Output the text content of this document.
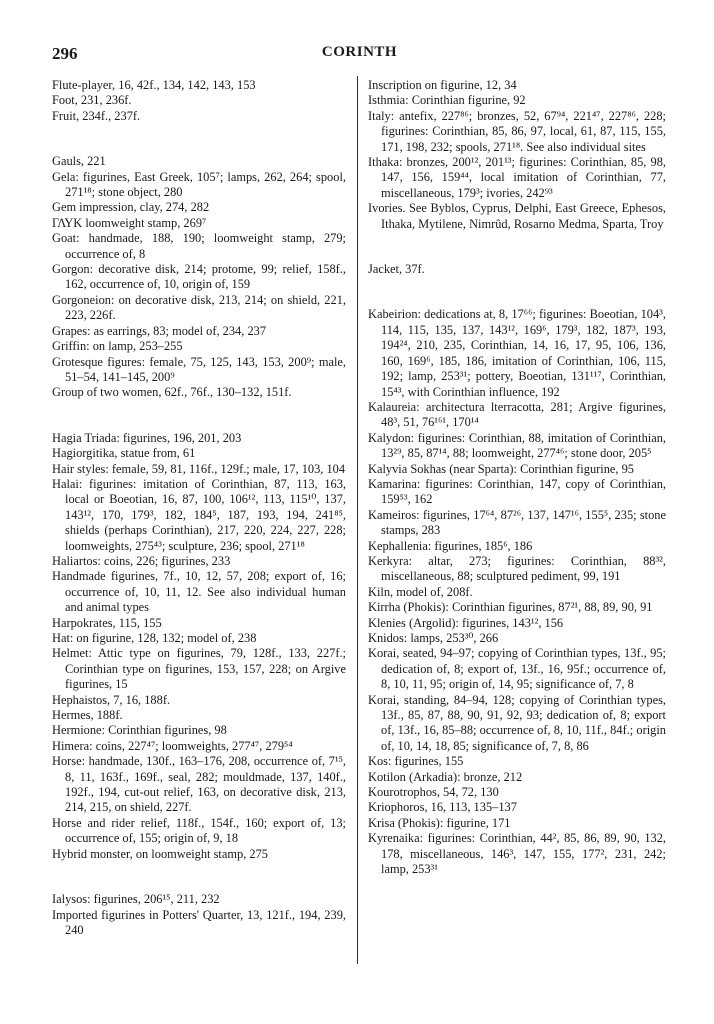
296	CORINTH

Flute-player, 16, 42f., 134, 142, 143, 153

Foot, 231, 236f.

Fruit, 234f., 237f.

Gauls, 221

Gela: figurines, East Greek, 105⁷; lamps, 262, 264; spool, 271¹⁸; stone object, 280

Gem impression, clay, 274, 282

ΓΛΥΚ loomweight stamp, 269⁷

Goat: handmade, 188, 190; loomweight stamp, 279; occurrence of, 8

Gorgon: decorative disk, 214; protome, 99; relief, 158f., 162, occurrence of, 10, origin of, 159

Gorgoneion: on decorative disk, 213, 214; on shield, 221, 223, 226f.

Grapes: as earrings, 83; model of, 234, 237

Griffin: on lamp, 253–255

Grotesque figures: female, 75, 125, 143, 153, 200⁹; male, 51–54, 141–145, 200⁹

Group of two women, 62f., 76f., 130–132, 151f.

Hagia Triada: figurines, 196, 201, 203

Hagiorgitika, statue from, 61

Hair styles: female, 59, 81, 116f., 129f.; male, 17, 103, 104

Halai: figurines: imitation of Corinthian, 87, 113, 163, local or Boeotian, 16, 87, 100, 106¹², 113, 115¹⁰, 137, 143¹², 170, 179³, 182, 184⁵, 187, 193, 194, 241⁸⁵, shields (perhaps Corinthian), 217, 220, 224, 227, 228; loomweights, 275⁴³; sculpture, 236; spool, 271¹⁸

Haliartos: coins, 226; figurines, 233

Handmade figurines, 7f., 10, 12, 57, 208; export of, 16; occurrence of, 10, 11, 12. See also individual human and animal types

Harpokrates, 115, 155

Hat: on figurine, 128, 132; model of, 238

Helmet: Attic type on figurines, 79, 128f., 133, 227f.; Corinthian type on figurines, 153, 157, 228; on Argive figurines, 15

Hephaistos, 7, 16, 188f.

Hermes, 188f.

Hermione: Corinthian figurines, 98

Himera: coins, 227⁴⁷; loomweights, 277⁴⁷, 279⁵⁴

Horse: handmade, 130f., 163–176, 208, occurrence of, 7¹⁵, 8, 11, 163f., 169f., seal, 282; mouldmade, 137, 140f., 192f., 194, cut-out relief, 163, on decorative disk, 213, 214, 215, on shield, 227f.

Horse and rider relief, 118f., 154f., 160; export of, 13; occurrence of, 155; origin of, 9, 18

Hybrid monster, on loomweight stamp, 275

Ialysos: figurines, 206¹⁵, 211, 232

Imported figurines in Potters' Quarter, 13, 121f., 194, 239, 240

Inscription on figurine, 12, 34

Isthmia: Corinthian figurine, 92

Italy: antefix, 227⁸⁶; bronzes, 52, 67⁹⁴, 221⁴⁷, 227⁸⁶, 228; figurines: Corinthian, 85, 86, 97, local, 61, 87, 115, 155, 171, 198, 232; spools, 271¹⁸. See also individual sites

Ithaka: bronzes, 200¹², 201¹³; figurines: Corinthian, 85, 98, 147, 156, 159⁴⁴, local imitation of Corinthian, 77, miscellaneous, 179³; ivories, 242⁹³

Ivories. See Byblos, Cyprus, Delphi, East Greece, Ephesos, Ithaka, Mytilene, Nimrûd, Rosarno Medma, Sparta, Troy

Jacket, 37f.

Kabeirion: dedications at, 8, 17⁶⁶; figurines: Boeotian, 104³, 114, 115, 135, 137, 143¹², 169⁶, 179³, 182, 187³, 193, 194²⁴, 210, 235, Corinthian, 14, 16, 17, 95, 106, 136, 160, 169⁶, 185, 186, imitation of Corinthian, 106, 115, 192; lamp, 253³¹; pottery, Boeotian, 131¹¹⁷, Corinthian, 15⁴³, with Corinthian influence, 192

Kalaureia: architectura lterracotta, 281; Argive figurines, 48³, 51, 76¹⁶¹, 170¹⁴

Kalydon: figurines: Corinthian, 88, imitation of Corinthian, 13²⁹, 85, 87¹⁴, 88; loomweight, 277⁴⁶; stone door, 205⁵

Kalyvia Sokhas (near Sparta): Corinthian figurine, 95

Kamarina: figurines: Corinthian, 147, copy of Corinthian, 159⁵³, 162

Kameiros: figurines, 17⁶⁴, 87²⁶, 137, 147¹⁶, 155⁵, 235; stone stamps, 283

Kephallenia: figurines, 185⁶, 186

Kerkyra: altar, 273; figurines: Corinthian, 88³², miscellaneous, 88; sculptured pediment, 99, 191

Kiln, model of, 208f.

Kirrha (Phokis): Corinthian figurines, 87²¹, 88, 89, 90, 91

Klenies (Argolid): figurines, 143¹², 156

Knidos: lamps, 253³⁰, 266

Korai, seated, 94–97; copying of Corinthian types, 13f., 95; dedication of, 8; export of, 13f., 16, 95f.; occurrence of, 8, 10, 11, 95; origin of, 14, 95; significance of, 7, 8

Korai, standing, 84–94, 128; copying of Corinthian types, 13f., 85, 87, 88, 90, 91, 92, 93; dedication of, 8; export of, 13f., 16, 85–88; occurrence of, 8, 10, 11f., 84f.; origin of, 10, 14, 18, 85; significance of, 7, 8, 86

Kos: figurines, 155

Kotilon (Arkadia): bronze, 212

Kourotrophos, 54, 72, 130

Kriophoros, 16, 113, 135–137

Krisa (Phokis): figurine, 171

Kyrenaika: figurines: Corinthian, 44², 85, 86, 89, 90, 132, 178, miscellaneous, 146³, 147, 155, 177², 231, 242; lamp, 253³¹
